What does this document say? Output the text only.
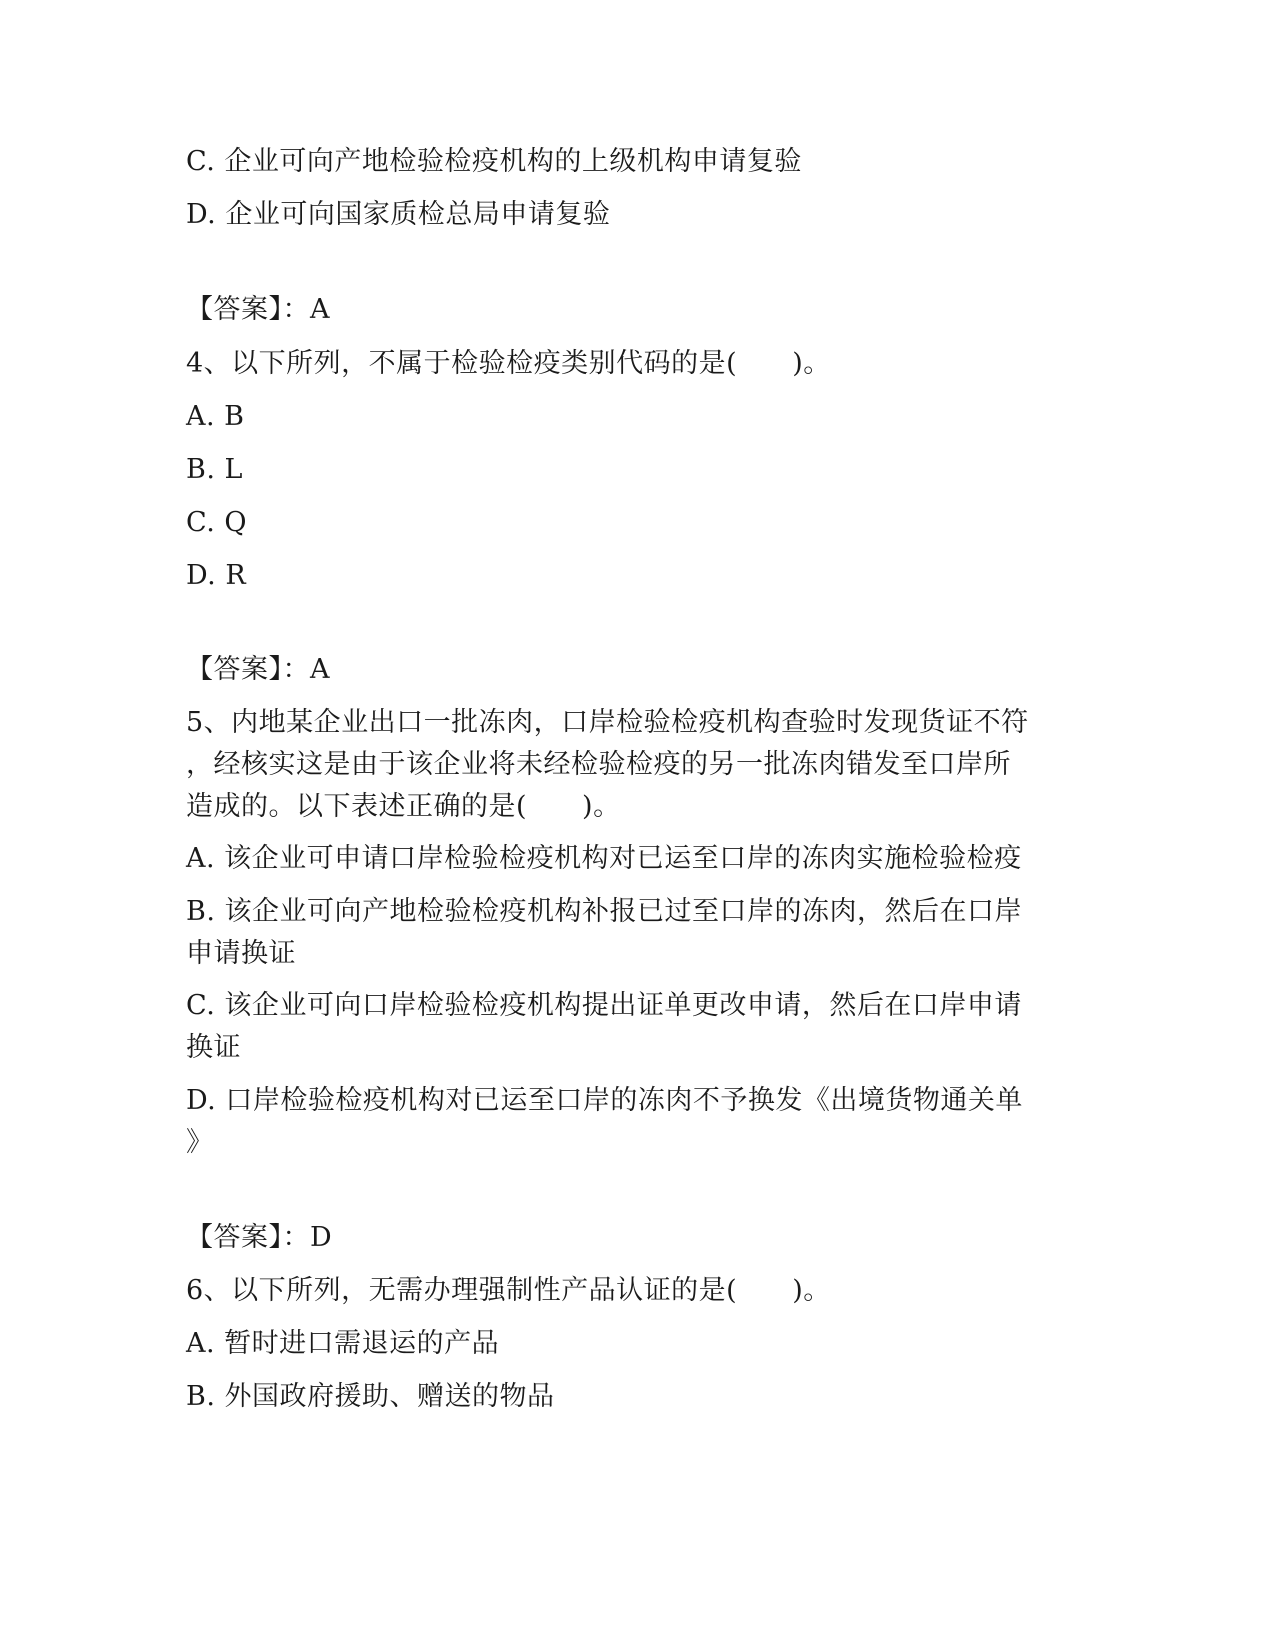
C. 企业可向产地检验检疫机构的上级机构申请复验
D. 企业可向国家质检总局申请复验
【答案】：A
4、以下所列，不属于检验检疫类别代码的是(　　)。
A. B
B. L
C. Q
D. R
【答案】：A
5、内地某企业出口一批冻肉，口岸检验检疫机构查验时发现货证不符
，经核实这是由于该企业将未经检验检疫的另一批冻肉错发至口岸所
造成的。以下表述正确的是(　　)。
A. 该企业可申请口岸检验检疫机构对已运至口岸的冻肉实施检验检疫
B. 该企业可向产地检验检疫机构补报已过至口岸的冻肉，然后在口岸
申请换证
C. 该企业可向口岸检验检疫机构提出证单更改申请，然后在口岸申请
换证
D. 口岸检验检疫机构对已运至口岸的冻肉不予换发《出境货物通关单
》
【答案】：D
6、以下所列，无需办理强制性产品认证的是(　　)。
A. 暂时进口需退运的产品
B. 外国政府援助、赠送的物品
